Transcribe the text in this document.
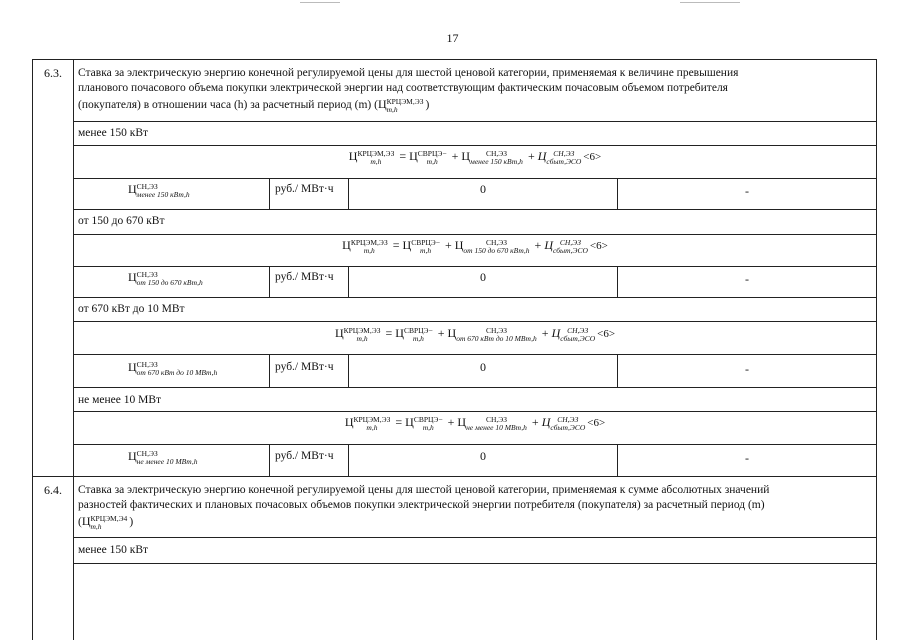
17
6.3. Ставка за электрическую энергию конечной регулируемой цены для шестой ценовой категории, применяемая к величине превышения
планового почасового объема покупки электрической энергии над соответствующим фактическим почасовым объемом потребителя
(покупателя) в отношении часа (h) за расчетный период (m) (Ц КРЦЭМ,ЭЗ
m,h	)
менее 150 кВт
Ц КРЦЭМ,ЭЗ
m,h	= Ц СВРЦЭ−
m,h	+ Ц	СН,ЭЗ
менее 150 кВт,h + Ц СН,ЭЗ
сбыт,ЭСО <6>
Ц СН,ЭЗ
менее 150 кВт,h	руб./ МВт·ч	0	-
от 150 до 670 кВт
Ц КРЦЭМ,ЭЗ
m,h	= Ц СВРЦЭ−
m,h	+ Ц	СН,ЭЗ
от 150 до 670 кВт,h + Ц СН,ЭЗ
сбыт,ЭСО <6>
Ц СН,ЭЗ
от 150 до 670 кВт,h	руб./ МВт·ч	0	-
от 670 кВт до 10 МВт
Ц КРЦЭМ,ЭЗ
m,h	= Ц СВРЦЭ−
m,h	+ Ц	СН,ЭЗ
от 670 кВт до 10 МВт,h + Ц СН,ЭЗ
сбыт,ЭСО <6>
Ц СН,ЭЗ
от 670 кВт до 10 МВт,h	руб./ МВт·ч	0	-
не менее 10 МВт
Ц КРЦЭМ,ЭЗ
m,h	= Ц СВРЦЭ−
m,h	+ Ц	СН,ЭЗ
не менее 10 МВт,h + Ц СН,ЭЗ
сбыт,ЭСО <6>
Ц СН,ЭЗ
не менее 10 МВт,h	руб./ МВт·ч	0	-
6.4. Ставка за электрическую энергию конечной регулируемой цены для шестой ценовой категории, применяемая к сумме абсолютных значений
разностей фактических и плановых почасовых объемов покупки электрической энергии потребителя (покупателя) за расчетный период (m)
(Ц КРЦЭМ,Э4
m,h	)
менее 150 кВт
